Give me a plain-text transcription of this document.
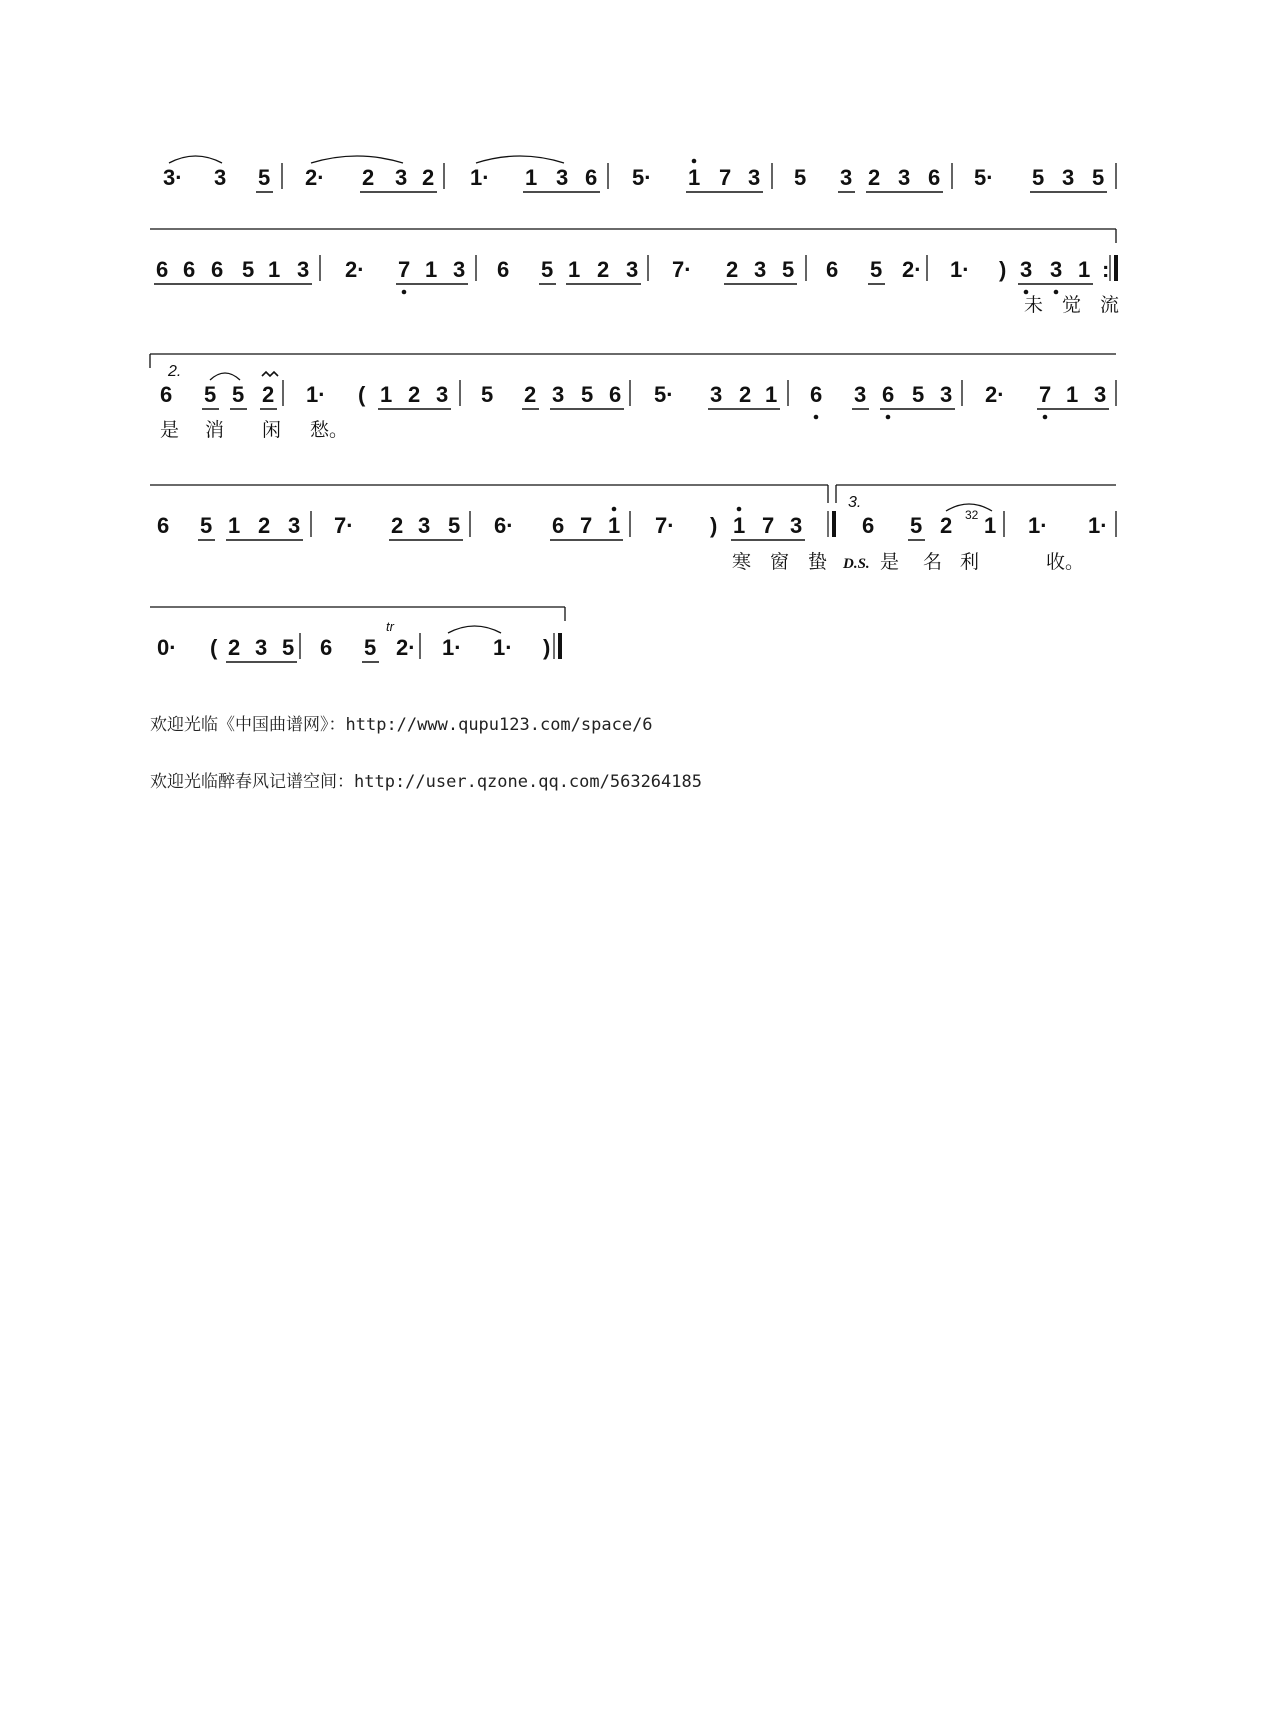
3· 3 5 2· 2 3 2 1· 1 3 6 5· 1 7 3 5 3 2 3 6 5· 5 3 5
6 6 6 5 1 3 2· 7 1 3 6 5 1 2 3 7· 2 3 5 6 5 2· 1· ) 3 3 1 :
未 觉 流
2.
6 5 5 2 1· ( 1 2 3 5 2 3 5 6 5· 3 2 1 6 3 6 5 3 2· 7 1 3
是 消 闲 愁。
3.
6 5 1 2 3 7· 2 3 5 6· 6 7 1 7· ) 1 7 3	6 5 2 32 1 1· 1·
寒 窗 蛰 D.S. 是 名 利	收。
0· ( 2 3 5 6 5
tr
2· 1· 1· )
欢迎光临《中国曲谱网》：http://www.qupu123.com/space/6
欢迎光临醉春风记谱空间：http://user.qzone.qq.com/563264185
